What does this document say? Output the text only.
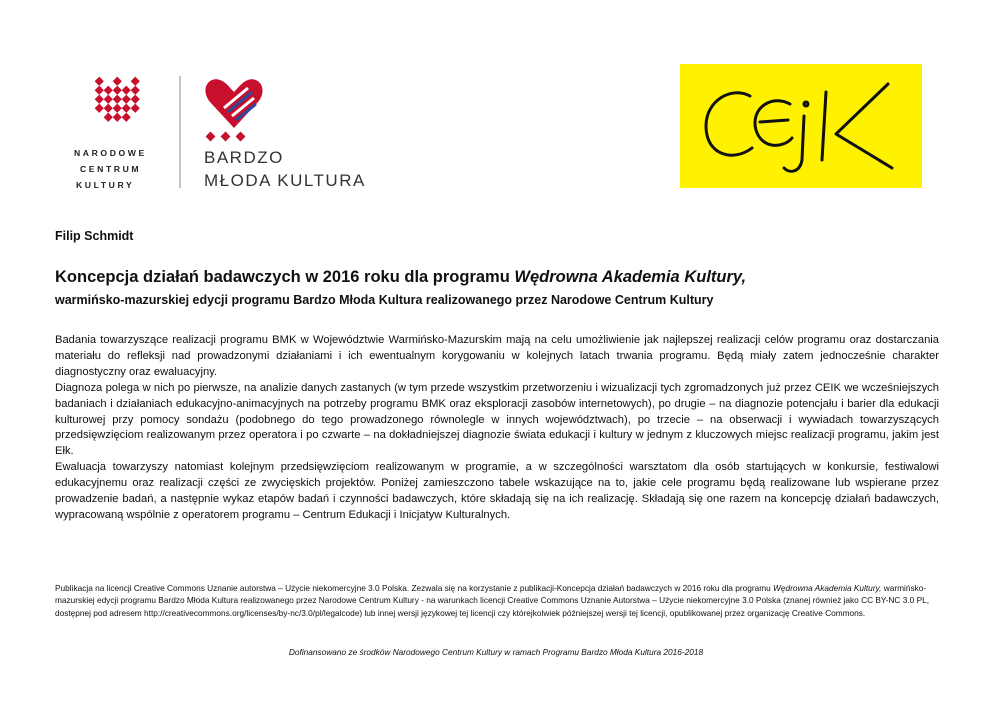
NARODOWE
CENTRUM
KULTURY
BARDZO
MŁODA KULTURA
Filip Schmidt
Koncepcja działań badawczych w 2016 roku dla programu Wędrowna Akademia Kultury,
warmińsko-mazurskiej edycji programu Bardzo Młoda Kultura realizowanego przez Narodowe Centrum Kultury

Badania towarzyszące realizacji programu BMK w Województwie Warmińsko-Mazurskim mają na celu umożliwienie jak najlepszej realizacji celów programu oraz dostarczania materiału do refleksji nad prowadzonymi działaniami i ich ewentualnym korygowaniu w kolejnych latach trwania programu. Będą miały zatem jednocześnie charakter diagnostyczny oraz ewaluacyjny.

Diagnoza polega w nich po pierwsze, na analizie danych zastanych (w tym przede wszystkim przetworzeniu i wizualizacji tych zgromadzonych już przez CEIK we wcześniejszych badaniach i działaniach edukacyjno-animacyjnych na potrzeby programu BMK oraz eksploracji zasobów internetowych), po drugie – na diagnozie potencjału i barier dla edukacji kulturowej przy pomocy sondażu (podobnego do tego prowadzonego równolegle w innych województwach), po trzecie – na obserwacji i wywiadach towarzyszących przedsięwzięciom realizowanym przez operatora i po czwarte – na dokładniejszej diagnozie świata edukacji i kultury w jednym z kluczowych miejsc realizacji programu, jakim jest Ełk.

Ewaluacja towarzyszy natomiast kolejnym przedsięwzięciom realizowanym w programie, a w szczególności warsztatom dla osób startujących w konkursie, festiwalowi edukacyjnemu oraz realizacji części ze zwycięskich projektów. Poniżej zamieszczono tabele wskazujące na to, jakie cele programu będą realizowane lub wspierane przez prowadzenie badań, a następnie wykaz etapów badań i czynności badawczych, które składają się na ich realizację. Składają się one razem na koncepcję działań badawczych, wypracowaną wspólnie z operatorem programu – Centrum Edukacji i Inicjatyw Kulturalnych.

Publikacja na licencji Creative Commons Uznanie autorstwa – Użycie niekomercyjne 3.0 Polska. Zezwala się na korzystanie z publikacji-Koncepcja działań badawczych w 2016 roku dla programu Wędrowna Akademia Kultury, warmińsko-mazurskiej edycji programu Bardzo Młoda Kultura realizowanego przez Narodowe Centrum Kultury - na warunkach licencji Creative Commons Uznanie Autorstwa – Użycie niekomercyjne 3.0 Polska (znanej również jako CC BY-NC 3.0 PL, dostępnej pod adresem http://creativecommons.org/licenses/by-nc/3.0/pl/legalcode) lub innej wersji językowej tej licencji czy którejkolwiek późniejszej wersji tej licencji, opublikowanej przez organizację Creative Commons.
Dofinansowano ze środków Narodowego Centrum Kultury w ramach Programu Bardzo Młoda Kultura 2016-2018
